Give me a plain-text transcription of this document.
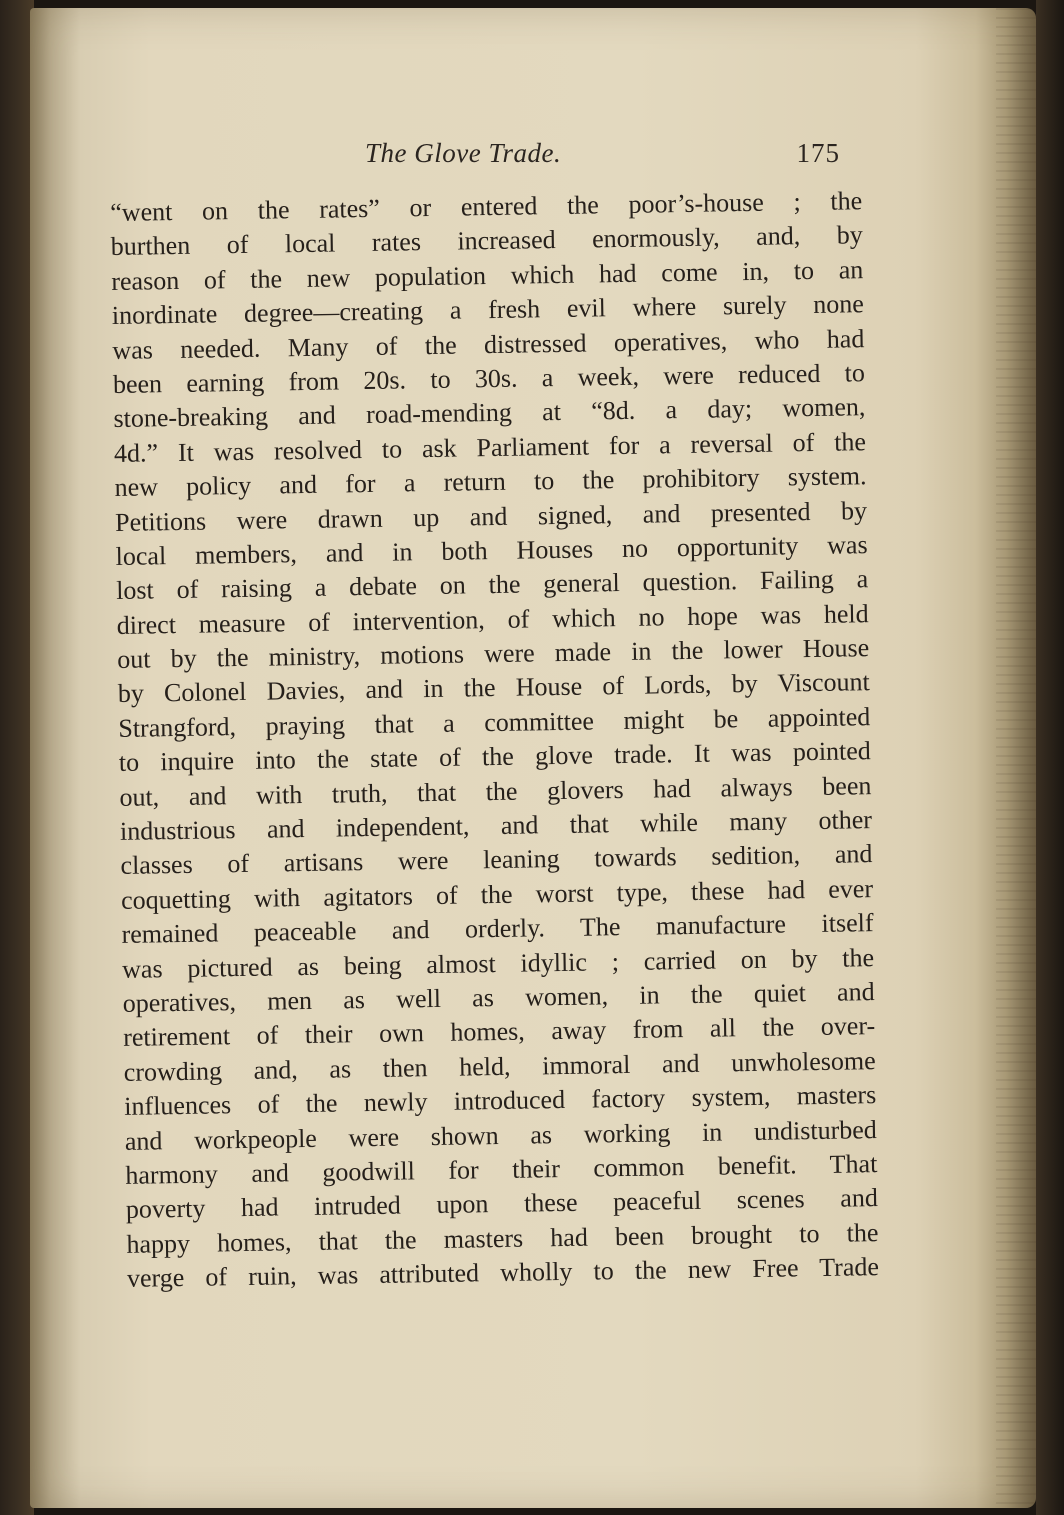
The Glove Trade.	175
“went on the rates” or entered the poor’s-house ; the
burthen of local rates increased enormously, and, by
reason of the new population which had come in, to an
inordinate degree—creating a fresh evil where surely none
was needed. Many of the distressed operatives, who had
been earning from 20s. to 30s. a week, were reduced to
stone-breaking and road-mending at “8d. a day; women,
4d.” It was resolved to ask Parliament for a reversal of the
new policy and for a return to the prohibitory system.
Petitions were drawn up and signed, and presented by
local members, and in both Houses no opportunity was
lost of raising a debate on the general question. Failing a
direct measure of intervention, of which no hope was held
out by the ministry, motions were made in the lower House
by Colonel Davies, and in the House of Lords, by Viscount
Strangford, praying that a committee might be appointed
to inquire into the state of the glove trade. It was pointed
out, and with truth, that the glovers had always been
industrious and independent, and that while many other
classes of artisans were leaning towards sedition, and
coquetting with agitators of the worst type, these had ever
remained peaceable and orderly. The manufacture itself
was pictured as being almost idyllic ; carried on by the
operatives, men as well as women, in the quiet and
retirement of their own homes, away from all the over-
crowding and, as then held, immoral and unwholesome
influences of the newly introduced factory system, masters
and workpeople were shown as working in undisturbed
harmony and goodwill for their common benefit. That
poverty had intruded upon these peaceful scenes and
happy homes, that the masters had been brought to the
verge of ruin, was attributed wholly to the new Free Trade
